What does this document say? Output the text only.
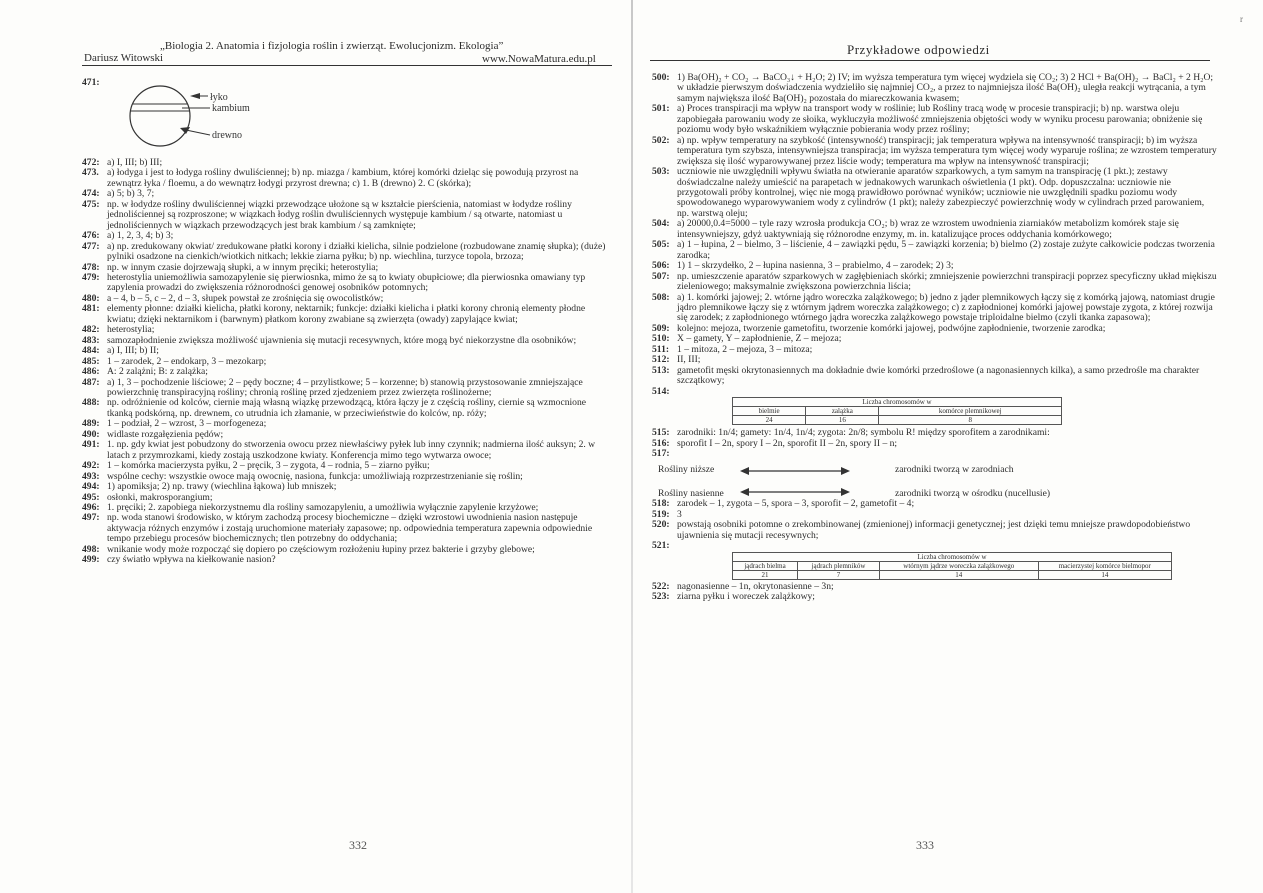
„Biologia 2. Anatomia i fizjologia roślin i zwierząt. Ewolucjonizm. Ekologia”
Dariusz Witowski	www.NowaMatura.edu.pl
471:
łyko
kambium
drewno
472: a) I, III; b) III;
473. a) łodyga i jest to łodyga rośliny dwuliściennej; b) np. miazga / kambium, której komórki dzieląc się powodują przyrost na zewnątrz łyka / floemu, a do wewnątrz łodygi przyrost drewna; c) 1. B (drewno) 2. C (skórka);
474: a) 5; b) 3, 7;
475: np. w łodydze rośliny dwuliściennej wiązki przewodzące ułożone są w kształcie pierścienia, natomiast w łodydze rośliny jednoliściennej są rozproszone; w wiązkach łodyg roślin dwuliściennych występuje kambium / są otwarte, natomiast u jednoliściennych w wiązkach przewodzących jest brak kambium / są zamknięte;
476: a) 1, 2, 3, 4; b) 3;
477: a) np. zredukowany okwiat/ zredukowane płatki korony i działki kielicha, silnie podzielone (rozbudowane znamię słupka); (duże) pylniki osadzone na cienkich/wiotkich nitkach; lekkie ziarna pyłku; b) np. wiechlina, turzyce topola, brzoza;
478: np. w innym czasie dojrzewają słupki, a w innym pręciki; heterostylia;
479: heterostylia uniemożliwia samozapylenie się pierwiosnka, mimo że są to kwiaty obupłciowe; dla pierwiosnka omawiany typ zapylenia prowadzi do zwiększenia różnorodności genowej osobników potomnych;
480: a – 4, b – 5, c – 2, d – 3, słupek powstał ze zrośnięcia się owocolistków;
481: elementy płonne: działki kielicha, płatki korony, nektarnik; funkcje: działki kielicha i płatki korony chronią elementy płodne kwiatu; dzięki nektarnikom i (barwnym) płatkom korony zwabiane są zwierzęta (owady) zapylające kwiat;
482: heterostylia;
483: samozapłodnienie zwiększa możliwość ujawnienia się mutacji recesywnych, które mogą być niekorzystne dla osobników;
484: a) I, III; b) II;
485: 1 – zarodek, 2 – endokarp, 3 – mezokarp;
486: A: 2 zalążni; B: z zalążka;
487: a) 1, 3 – pochodzenie liściowe; 2 – pędy boczne; 4 – przylistkowe; 5 – korzenne; b) stanowią przystosowanie zmniejszające powierzchnię transpiracyjną rośliny; chronią roślinę przed zjedzeniem przez zwierzęta roślinożerne;
488: np. odróżnienie od kolców, ciernie mają własną wiązkę przewodzącą, która łączy je z częścią rośliny, ciernie są wzmocnione tkanką podskórną, np. drewnem, co utrudnia ich złamanie, w przeciwieństwie do kolców, np. róży;
489: 1 – podział, 2 – wzrost, 3 – morfogeneza;
490: widlaste rozgałęzienia pędów;
491: 1. np. gdy kwiat jest pobudzony do stworzenia owocu przez niewłaściwy pyłek lub inny czynnik; nadmierna ilość auksyn; 2. w latach z przymrozkami, kiedy zostają uszkodzone kwiaty. Konferencja mimo tego wytwarza owoce;
492: 1 – komórka macierzysta pyłku, 2 – pręcik, 3 – zygota, 4 – rodnia, 5 – ziarno pyłku;
493: wspólne cechy: wszystkie owoce mają owocnię, nasiona, funkcja: umożliwiają rozprzestrzenianie się roślin;
494: 1) apomiksja; 2) np. trawy (wiechlina łąkowa) lub mniszek;
495: osłonki, makrosporangium;
496: 1. pręciki; 2. zapobiega niekorzystnemu dla rośliny samozapyleniu, a umożliwia wyłącznie zapylenie krzyżowe;
497: np. woda stanowi środowisko, w którym zachodzą procesy biochemiczne – dzięki wzrostowi uwodnienia nasion następuje aktywacja różnych enzymów i zostają uruchomione materiały zapasowe; np. odpowiednia temperatura zapewnia odpowiednie tempo przebiegu procesów biochemicznych; tlen potrzebny do oddychania;
498: wnikanie wody może rozpocząć się dopiero po częściowym rozłożeniu łupiny przez bakterie i grzyby glebowe;
499: czy światło wpływa na kiełkowanie nasion?
332
Przykładowe odpowiedzi
r
500: 1) Ba(OH)₂ + CO₂ → BaCO₃↓ + H₂O; 2) IV; im wyższa temperatura tym więcej wydziela się CO₂; 3) 2 HCl + Ba(OH)₂ → BaCl₂ + 2 H₂O; w układzie pierwszym doświadczenia wydzieliło się najmniej CO₂, a przez to najmniejsza ilość Ba(OH)₂ uległa reakcji wytrącania, a tym samym największa ilość Ba(OH)₂ pozostała do miareczkowania kwasem;
501: a) Proces transpiracji ma wpływ na transport wody w roślinie; lub Rośliny tracą wodę w procesie transpiracji; b) np. warstwa oleju zapobiegała parowaniu wody ze słoika, wykluczyła możliwość zmniejszenia objętości wody w wyniku procesu parowania; obniżenie się poziomu wody było wskaźnikiem wyłącznie pobierania wody przez rośliny;
502: a) np. wpływ temperatury na szybkość (intensywność) transpiracji; jak temperatura wpływa na intensywność transpiracji; b) im wyższa temperatura tym szybsza, intensywniejsza transpiracja; im wyższa temperatura tym więcej wody wyparuje roślina; ze wzrostem temperatury zwiększa się ilość wyparowywanej przez liście wody; temperatura ma wpływ na intensywność transpiracji;
503: uczniowie nie uwzględnili wpływu światła na otwieranie aparatów szparkowych, a tym samym na transpirację (1 pkt.); zestawy doświadczalne należy umieścić na parapetach w jednakowych warunkach oświetlenia (1 pkt). Odp. dopuszczalna: uczniowie nie przygotowali próby kontrolnej, więc nie mogą prawidłowo porównać wyników; uczniowie nie uwzględnili spadku poziomu wody spowodowanego wyparowywaniem wody z cylindrów (1 pkt); należy zabezpieczyć powierzchnię wody w cylindrach przed parowaniem, np. warstwą oleju;
504: a) 20000,0.4=5000 – tyle razy wzrosła produkcja CO₂; b) wraz ze wzrostem uwodnienia ziarniaków metabolizm komórek staje się intensywniejszy, gdyż uaktywniają się różnorodne enzymy, m. in. katalizujące proces oddychania komórkowego;
505: a) 1 – łupina, 2 – bielmo, 3 – liścienie, 4 – zawiązki pędu, 5 – zawiązki korzenia; b) bielmo (2) zostaje zużyte całkowicie podczas tworzenia zarodka;
506: 1) 1 – skrzydełko, 2 – łupina nasienna, 3 – prabielmo, 4 – zarodek; 2) 3;
507: np. umieszczenie aparatów szparkowych w zagłębieniach skórki; zmniejszenie powierzchni transpiracji poprzez specyficzny układ miękiszu zieleniowego; maksymalnie zwiększona powierzchnia liścia;
508: a) 1. komórki jajowej; 2. wtórne jądro woreczka zalążkowego; b) jedno z jąder plemnikowych łączy się z komórką jajową, natomiast drugie jądro plemnikowe łączy się z wtórnym jądrem woreczka zalążkowego; c) z zapłodnionej komórki jajowej powstaje zygota, z której rozwija się zarodek; z zapłodnionego wtórnego jądra woreczka zalążkowego powstaje triploidalne bielmo (czyli tkanka zapasowa);
509: kolejno: mejoza, tworzenie gametofitu, tworzenie komórki jajowej, podwójne zapłodnienie, tworzenie zarodka;
510: X – gamety, Y – zapłodnienie, Z – mejoza;
511: 1 – mitoza, 2 – mejoza, 3 – mitoza;
512: II, III;
513: gametofit męski okrytonasiennych ma dokładnie dwie komórki przedroślowe (a nagonasiennych kilka), a samo przedrośle ma charakter szczątkowy;
514:
Liczba chromosomów w		
bielmie	zalążka	komórce plemnikowej
24	16	8
515: zarodniki: 1n/4; gamety: 1n/4, 1n/4; zygota: 2n/8; symbolu R! między sporofitem a zarodnikami:
516: sporofit I – 2n, spory I – 2n, sporofit II – 2n, spory II – n;
517:
Rośliny niższe	zarodniki tworzą w zarodniach
Rośliny nasienne	zarodniki tworzą w ośrodku (nucellusie)
518: zarodek – 1, zygota – 5, spora – 3, sporofit – 2, gametofit – 4;
519: 3
520: powstają osobniki potomne o zrekombinowanej (zmienionej) informacji genetycznej; jest dzięki temu mniejsze prawdopodobieństwo ujawnienia się mutacji recesywnych;
521:
Liczba chromosomów w			
jądrach bielma	jądrach plemników	wtórnym jądrze woreczka zalążkowego	macierzystej komórce bielmopor
21	7	14	14
522: nagonasienne – 1n, okrytonasienne – 3n;
523: ziarna pyłku i woreczek zalążkowy;
333
